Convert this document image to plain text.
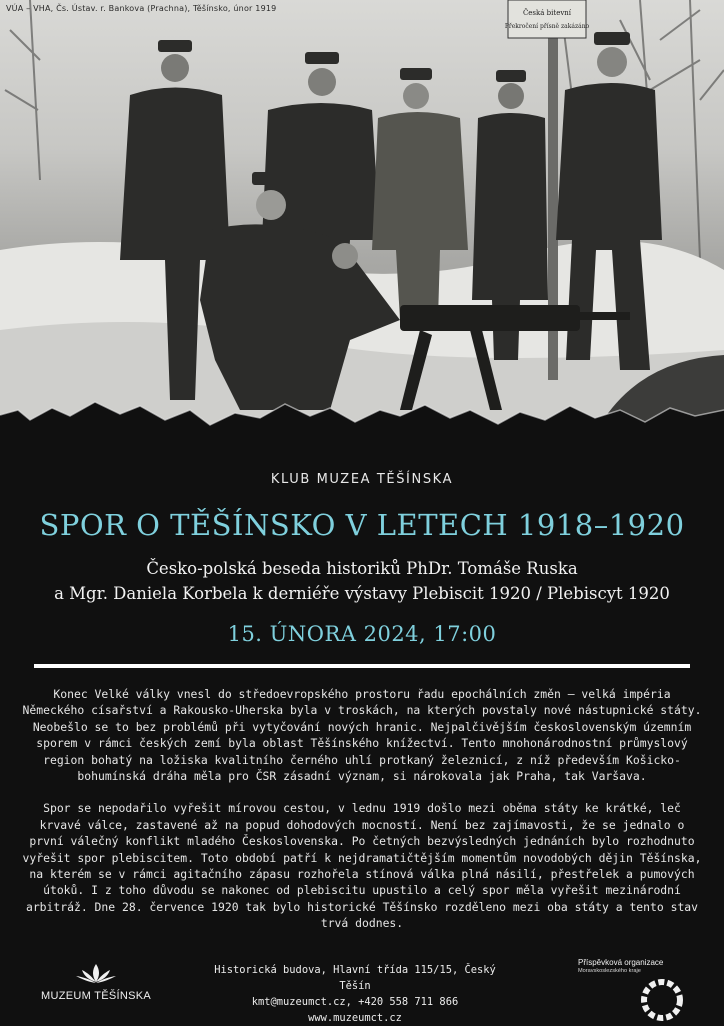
Česká bitevní
Překročení přísně zakázáno
VÚA – VHA, Čs. Ústav. r. Bankova (Prachna), Těšínsko, únor 1919
KLUB MUZEA TĚŠÍNSKA
SPOR O TĚŠÍNSKO V LETECH 1918–1920
Česko-polská beseda historiků PhDr. Tomáše Ruska
a Mgr. Daniela Korbela k derniéře výstavy Plebiscit 1920 / Plebiscyt 1920
15. ÚNORA 2024, 17:00

Konec Velké války vnesl do středoevropského prostoru řadu epochálních změn – velká impéria Německého císařství a Rakousko-Uherska byla v troskách, na kterých povstaly nové nástupnické státy. Neobešlo se to bez problémů při vytyčování nových hranic. Nejpalčivějším československým územním sporem v rámci českých zemí byla oblast Těšínského knížectví. Tento mnohonárodnostní průmyslový region bohatý na ložiska kvalitního černého uhlí protkaný železnicí, z níž především Košicko-bohumínská dráha měla pro ČSR zásadní význam, si nárokovala jak Praha, tak Varšava.

Spor se nepodařilo vyřešit mírovou cestou, v lednu 1919 došlo mezi oběma státy ke krátké, leč krvavé válce, zastavené až na popud dohodových mocností. Není bez zajímavosti, že se jednalo o první válečný konflikt mladého Československa. Po četných bezvýsledných jednáních bylo rozhodnuto vyřešit spor plebiscitem. Toto období patří k nejdramatičtějším momentům novodobých dějin Těšínska, na kterém se v rámci agitačního zápasu rozhořela stínová válka plná násilí, přestřelek a pumových útoků. I z toho důvodu se nakonec od plebiscitu upustilo a celý spor měla vyřešit mezinárodní arbitráž. Dne 28. července 1920 tak bylo historické Těšínsko rozděleno mezi oba státy a tento stav trvá dodnes.

MUZEUM TĚŠÍNSKA
Historická budova, Hlavní třída 115/15, Český Těšín
kmt@muzeumct.cz, +420 558 711 866
www.muzeumct.cz
Příspěvková organizace
Moravskoslezského kraje
